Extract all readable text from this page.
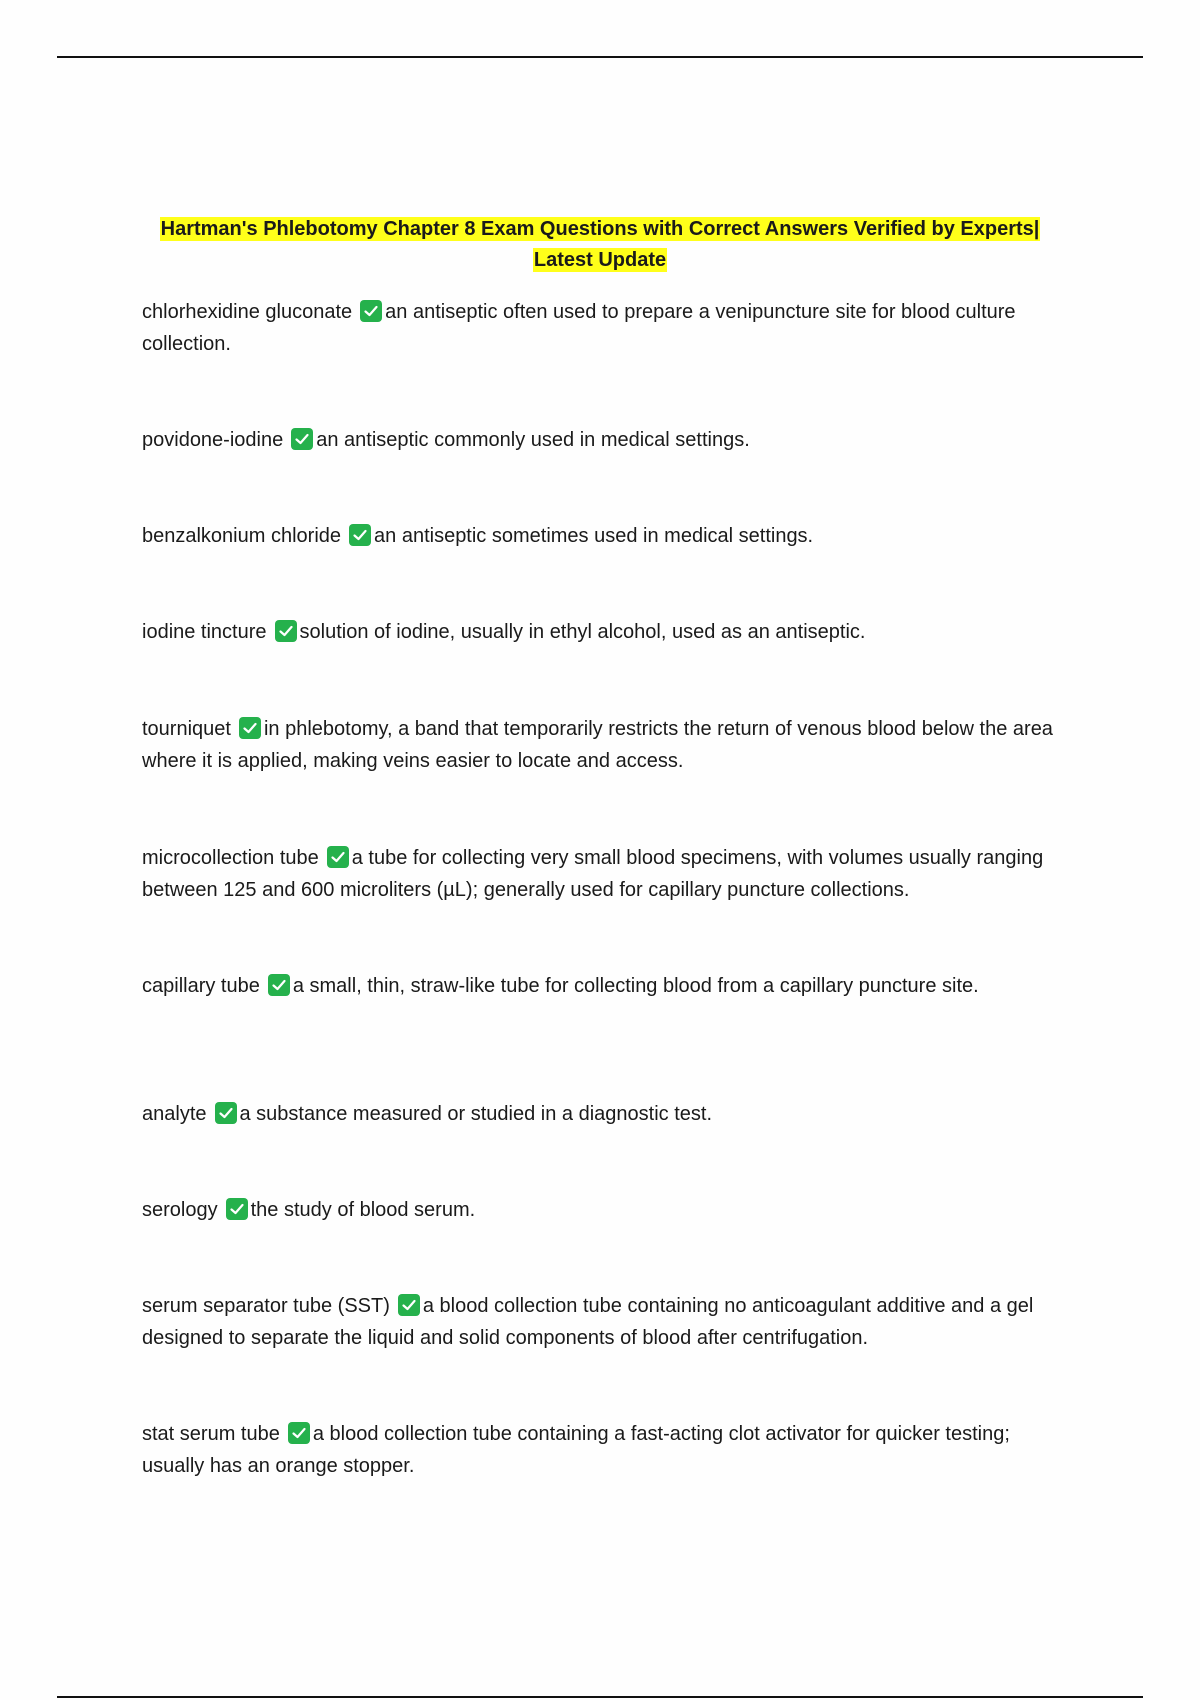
Hartman's Phlebotomy Chapter 8 Exam Questions with Correct Answers Verified by Experts|
Latest Update
chlorhexidine gluconate an antiseptic often used to prepare a venipuncture site for blood culture collection.
povidone-iodine an antiseptic commonly used in medical settings.
benzalkonium chloride an antiseptic sometimes used in medical settings.
iodine tincture solution of iodine, usually in ethyl alcohol, used as an antiseptic.
tourniquet in phlebotomy, a band that temporarily restricts the return of venous blood below the area where it is applied, making veins easier to locate and access.
microcollection tube a tube for collecting very small blood specimens, with volumes usually ranging between 125 and 600 microliters (µL); generally used for capillary puncture collections.
capillary tube a small, thin, straw-like tube for collecting blood from a capillary puncture site.
analyte a substance measured or studied in a diagnostic test.
serology the study of blood serum.
serum separator tube (SST) a blood collection tube containing no anticoagulant additive and a gel designed to separate the liquid and solid components of blood after centrifugation.
stat serum tube a blood collection tube containing a fast-acting clot activator for quicker testing; usually has an orange stopper.
